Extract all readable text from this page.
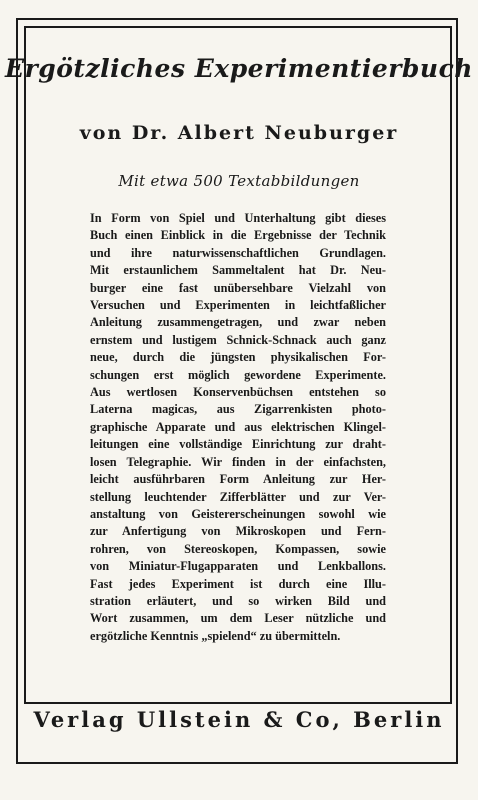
Ergötzliches Experimentierbuch
von Dr. Albert Neuburger
Mit etwa 500 Textabbildungen
In Form von Spiel und Unterhaltung gibt dieses
Buch einen Einblick in die Ergebnisse der Technik
und ihre naturwissenschaftlichen Grundlagen.
Mit erstaunlichem Sammeltalent hat Dr. Neu-
burger eine fast unübersehbare Vielzahl von
Versuchen und Experimenten in leichtfaßlicher
Anleitung zusammengetragen, und zwar neben
ernstem und lustigem Schnick-Schnack auch ganz
neue, durch die jüngsten physikalischen For-
schungen erst möglich gewordene Experimente.
Aus wertlosen Konservenbüchsen entstehen so
Laterna magicas, aus Zigarrenkisten photo-
graphische Apparate und aus elektrischen Klingel-
leitungen eine vollständige Einrichtung zur draht-
losen Telegraphie. Wir finden in der einfachsten,
leicht ausführbaren Form Anleitung zur Her-
stellung leuchtender Zifferblätter und zur Ver-
anstaltung von Geistererscheinungen sowohl wie
zur Anfertigung von Mikroskopen und Fern-
rohren, von Stereoskopen, Kompassen, sowie
von Miniatur-Flugapparaten und Lenkballons.
Fast jedes Experiment ist durch eine Illu-
stration erläutert, und so wirken Bild und
Wort zusammen, um dem Leser nützliche und
ergötzliche Kenntnis „spielend“ zu übermitteln.
Verlag Ullstein & Co, Berlin
